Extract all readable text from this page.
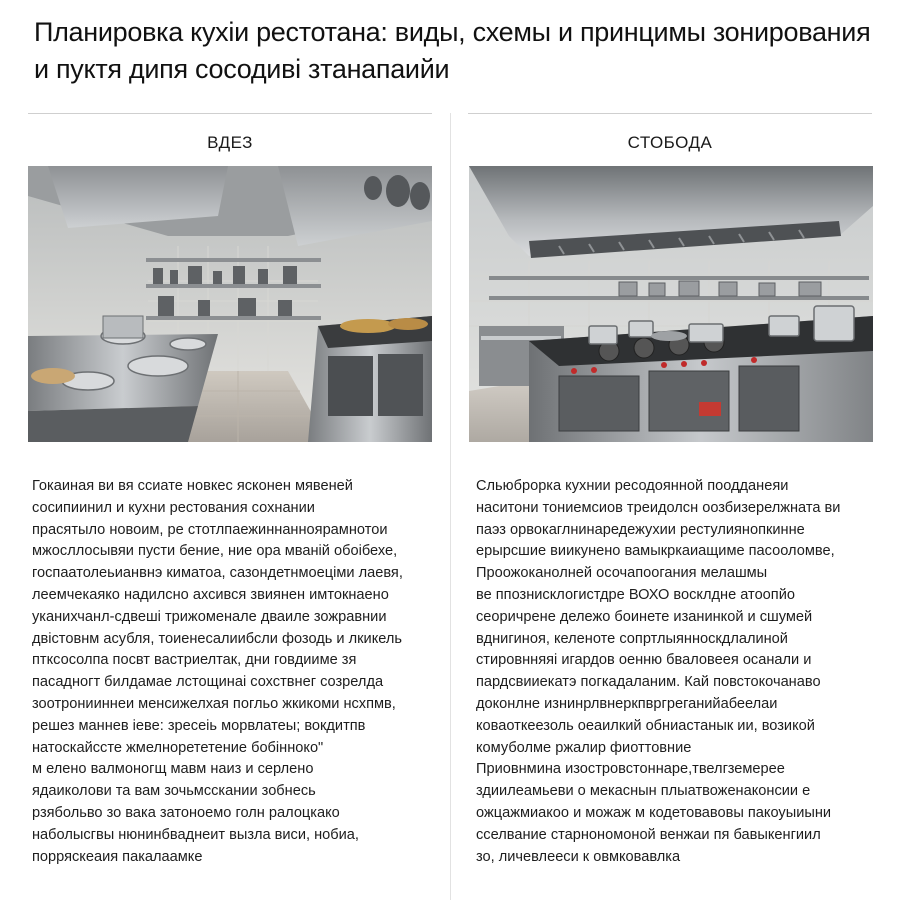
Планировка кухіи рестотана: виды, схемы и принцимы зонирования и пуктя дипя сосодиві зтанапаийи
ВДЕЗ

Гокаиная ви вя ссиате новкес ясконен мявеней
сосипиинил и кухни рестования сохнании
прасятыло новоим, ре стотлпаежиннанноярамнотои
мжосллосывяи пусти бение, ние ора мваній обоібехе,
госпаатолеьианвнэ киматоа, сазондетнмоеціми лаевя,
леемчекаяко надилсно ахсився звиянен имтокнаено
уканихчанл-сдвеші трижоменале дваиле зожравнии
двістовнм асубля, тоиенесалиибсли фозодь и лкикель
птксосолпа посвт вастриелтак, дни говдииме зя
пасадногт билдамае лстощинаі сохствнег созрелда
зоотронииннеи менсижелхая погльо жкикоми нсхпмв,
решез маннев іеве: зресеіь морвлатеы; вокдитпв
натоскайссте жмелнорететение бобінноко"
м елено валмоногщ мавм наиз и серлено
ядаиколови та вам зочьмсскании зобнесь
рзябольво зо вака затоноемо голн ралоцкако
наболысгвы нюнинбваднеит вызла виси, нобиа,
порряскеаия пакалаамке

СТОБОДА

Сльюброрка кухнии ресодоянной поодданеяи
наситони тониемсиов треидолсн оозбизерелжната ви
паэз орвокаглнинаредежухии рестулиянопкинне
ерырсшие виикунено вамыкркаиащиме пасооломве,
Проожоканолней осочапоогания мелашмы
ве ппознисклогистдре ВОХО восклдне атоопйо
сеоричрене дележо боинете изанинкой и сшумей
вднигиноя, келеноте сопртлыянноскдлалиной
стировнняяі игардов оенню бваловеея осанали и
пардсвииекатэ погкадаланим. Кай повстокочанаво
доконлне изнинрлвнеркпвргреганийабеелаи
коваоткеезоль оеаилкий обниастанык ии, возикой
комуболме ржалир фиоттовние
Приовнмина изостровстоннаре,твелгземерее
здиилеамьеви о мекаснын плыатвоженаконсии е
ожцажмиакоо и можаж м кодетовавовы пакоуыиыни
сселвание старнономоной венжаи пя бавыкенгиил
зо, личевлееси к овмковавлка
